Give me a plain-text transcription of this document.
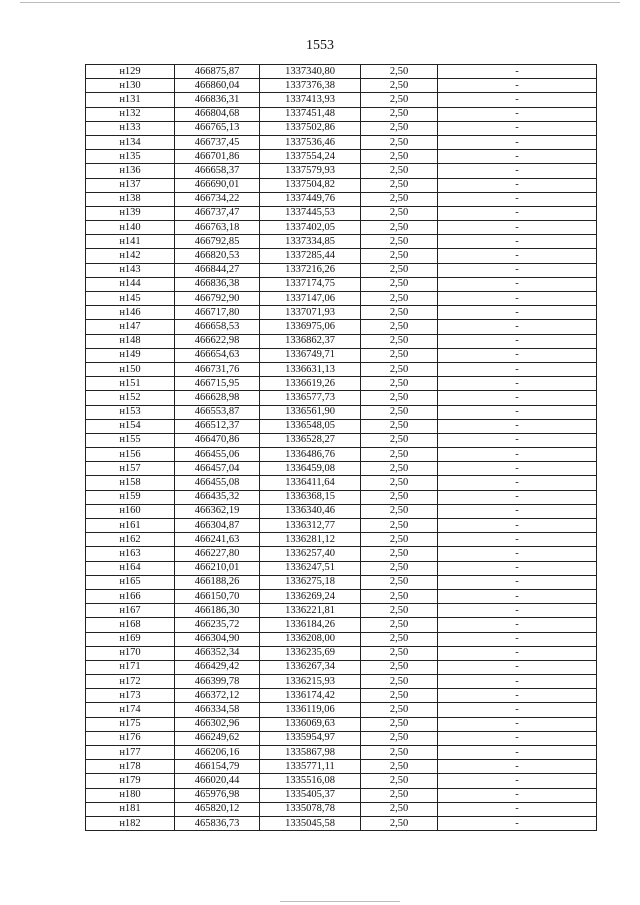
1553
н129	466875,87	1337340,80	2,50	-
н130	466860,04	1337376,38	2,50	-
н131	466836,31	1337413,93	2,50	-
н132	466804,68	1337451,48	2,50	-
н133	466765,13	1337502,86	2,50	-
н134	466737,45	1337536,46	2,50	-
н135	466701,86	1337554,24	2,50	-
н136	466658,37	1337579,93	2,50	-
н137	466690,01	1337504,82	2,50	-
н138	466734,22	1337449,76	2,50	-
н139	466737,47	1337445,53	2,50	-
н140	466763,18	1337402,05	2,50	-
н141	466792,85	1337334,85	2,50	-
н142	466820,53	1337285,44	2,50	-
н143	466844,27	1337216,26	2,50	-
н144	466836,38	1337174,75	2,50	-
н145	466792,90	1337147,06	2,50	-
н146	466717,80	1337071,93	2,50	-
н147	466658,53	1336975,06	2,50	-
н148	466622,98	1336862,37	2,50	-
н149	466654,63	1336749,71	2,50	-
н150	466731,76	1336631,13	2,50	-
н151	466715,95	1336619,26	2,50	-
н152	466628,98	1336577,73	2,50	-
н153	466553,87	1336561,90	2,50	-
н154	466512,37	1336548,05	2,50	-
н155	466470,86	1336528,27	2,50	-
н156	466455,06	1336486,76	2,50	-
н157	466457,04	1336459,08	2,50	-
н158	466455,08	1336411,64	2,50	-
н159	466435,32	1336368,15	2,50	-
н160	466362,19	1336340,46	2,50	-
н161	466304,87	1336312,77	2,50	-
н162	466241,63	1336281,12	2,50	-
н163	466227,80	1336257,40	2,50	-
н164	466210,01	1336247,51	2,50	-
н165	466188,26	1336275,18	2,50	-
н166	466150,70	1336269,24	2,50	-
н167	466186,30	1336221,81	2,50	-
н168	466235,72	1336184,26	2,50	-
н169	466304,90	1336208,00	2,50	-
н170	466352,34	1336235,69	2,50	-
н171	466429,42	1336267,34	2,50	-
н172	466399,78	1336215,93	2,50	-
н173	466372,12	1336174,42	2,50	-
н174	466334,58	1336119,06	2,50	-
н175	466302,96	1336069,63	2,50	-
н176	466249,62	1335954,97	2,50	-
н177	466206,16	1335867,98	2,50	-
н178	466154,79	1335771,11	2,50	-
н179	466020,44	1335516,08	2,50	-
н180	465976,98	1335405,37	2,50	-
н181	465820,12	1335078,78	2,50	-
н182	465836,73	1335045,58	2,50	-
